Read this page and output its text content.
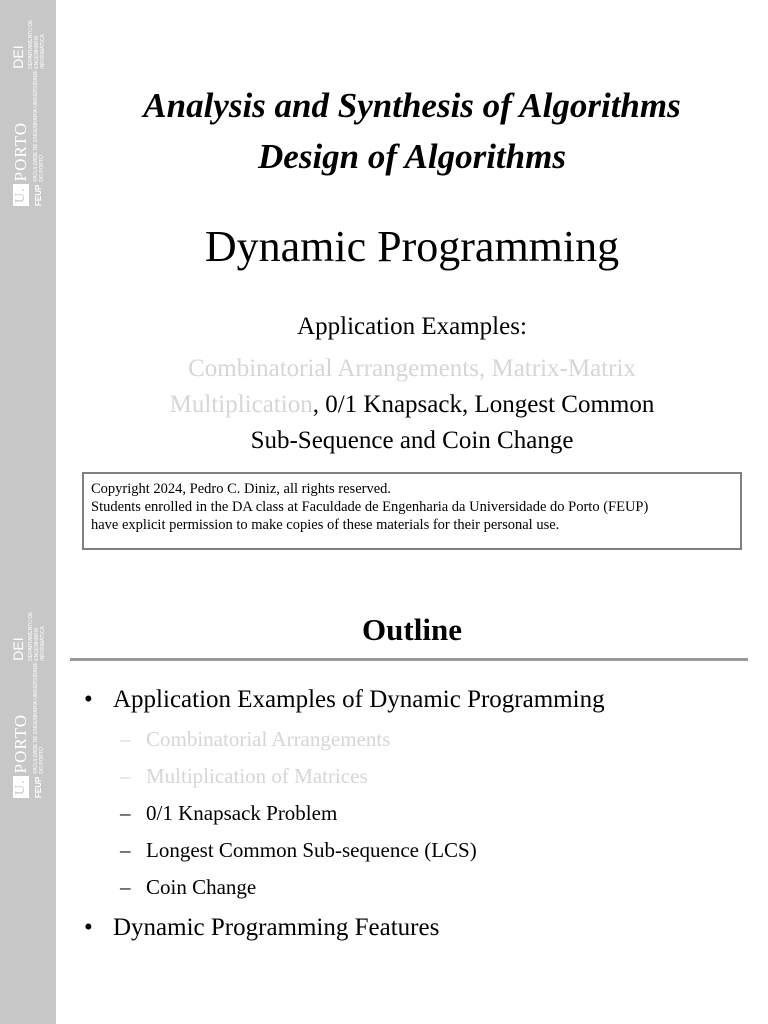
U.
PORTO
FEUP
FACULDADE DE ENGENHARIA UNIVERSIDADE DO PORTO
DEI DEPARTAMENTO DE ENGENHARIA INFORMÁTICA
U.
PORTO
FEUP
FACULDADE DE ENGENHARIA UNIVERSIDADE DO PORTO
DEI DEPARTAMENTO DE ENGENHARIA INFORMÁTICA
Analysis and Synthesis of Algorithms
Design of Algorithms
Dynamic Programming
Application Examples:
Combinatorial Arrangements, Matrix-Matrix
Multiplication, 0/1 Knapsack, Longest Common
Sub-Sequence and Coin Change
Copyright 2024, Pedro C. Diniz, all rights reserved.
Students enrolled in the DA class at Faculdade de Engenharia da Universidade do Porto (FEUP)
have explicit permission to make copies of these materials for their personal use.
Outline
• Application Examples of Dynamic Programming
– Combinatorial Arrangements
– Multiplication of Matrices
– 0/1 Knapsack Problem
– Longest Common Sub-sequence (LCS)
– Coin Change
• Dynamic Programming Features
